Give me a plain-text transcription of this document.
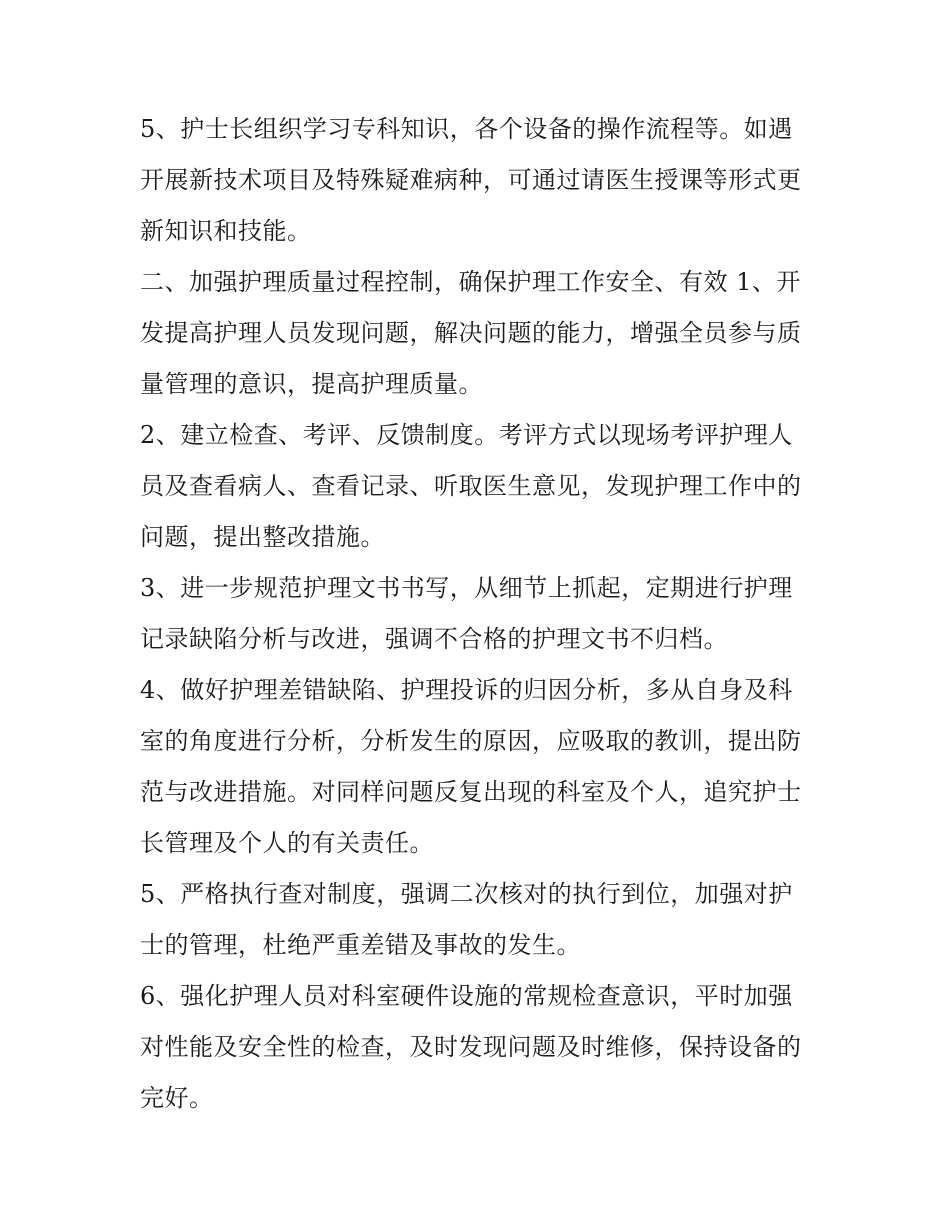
5、护士长组织学习专科知识，各个设备的操作流程等。如遇开展新技术项目及特殊疑难病种，可通过请医生授课等形式更新知识和技能。

二、加强护理质量过程控制，确保护理工作安全、有效 1、开发提高护理人员发现问题，解决问题的能力，增强全员参与质量管理的意识，提高护理质量。

2、建立检查、考评、反馈制度。考评方式以现场考评护理人员及查看病人、查看记录、听取医生意见，发现护理工作中的问题，提出整改措施。

3、进一步规范护理文书书写，从细节上抓起，定期进行护理记录缺陷分析与改进，强调不合格的护理文书不归档。

4、做好护理差错缺陷、护理投诉的归因分析，多从自身及科室的角度进行分析，分析发生的原因，应吸取的教训，提出防范与改进措施。对同样问题反复出现的科室及个人，追究护士长管理及个人的有关责任。

5、严格执行查对制度，强调二次核对的执行到位，加强对护士的管理，杜绝严重差错及事故的发生。

6、强化护理人员对科室硬件设施的常规检查意识，平时加强对性能及安全性的检查，及时发现问题及时维修，保持设备的完好。
